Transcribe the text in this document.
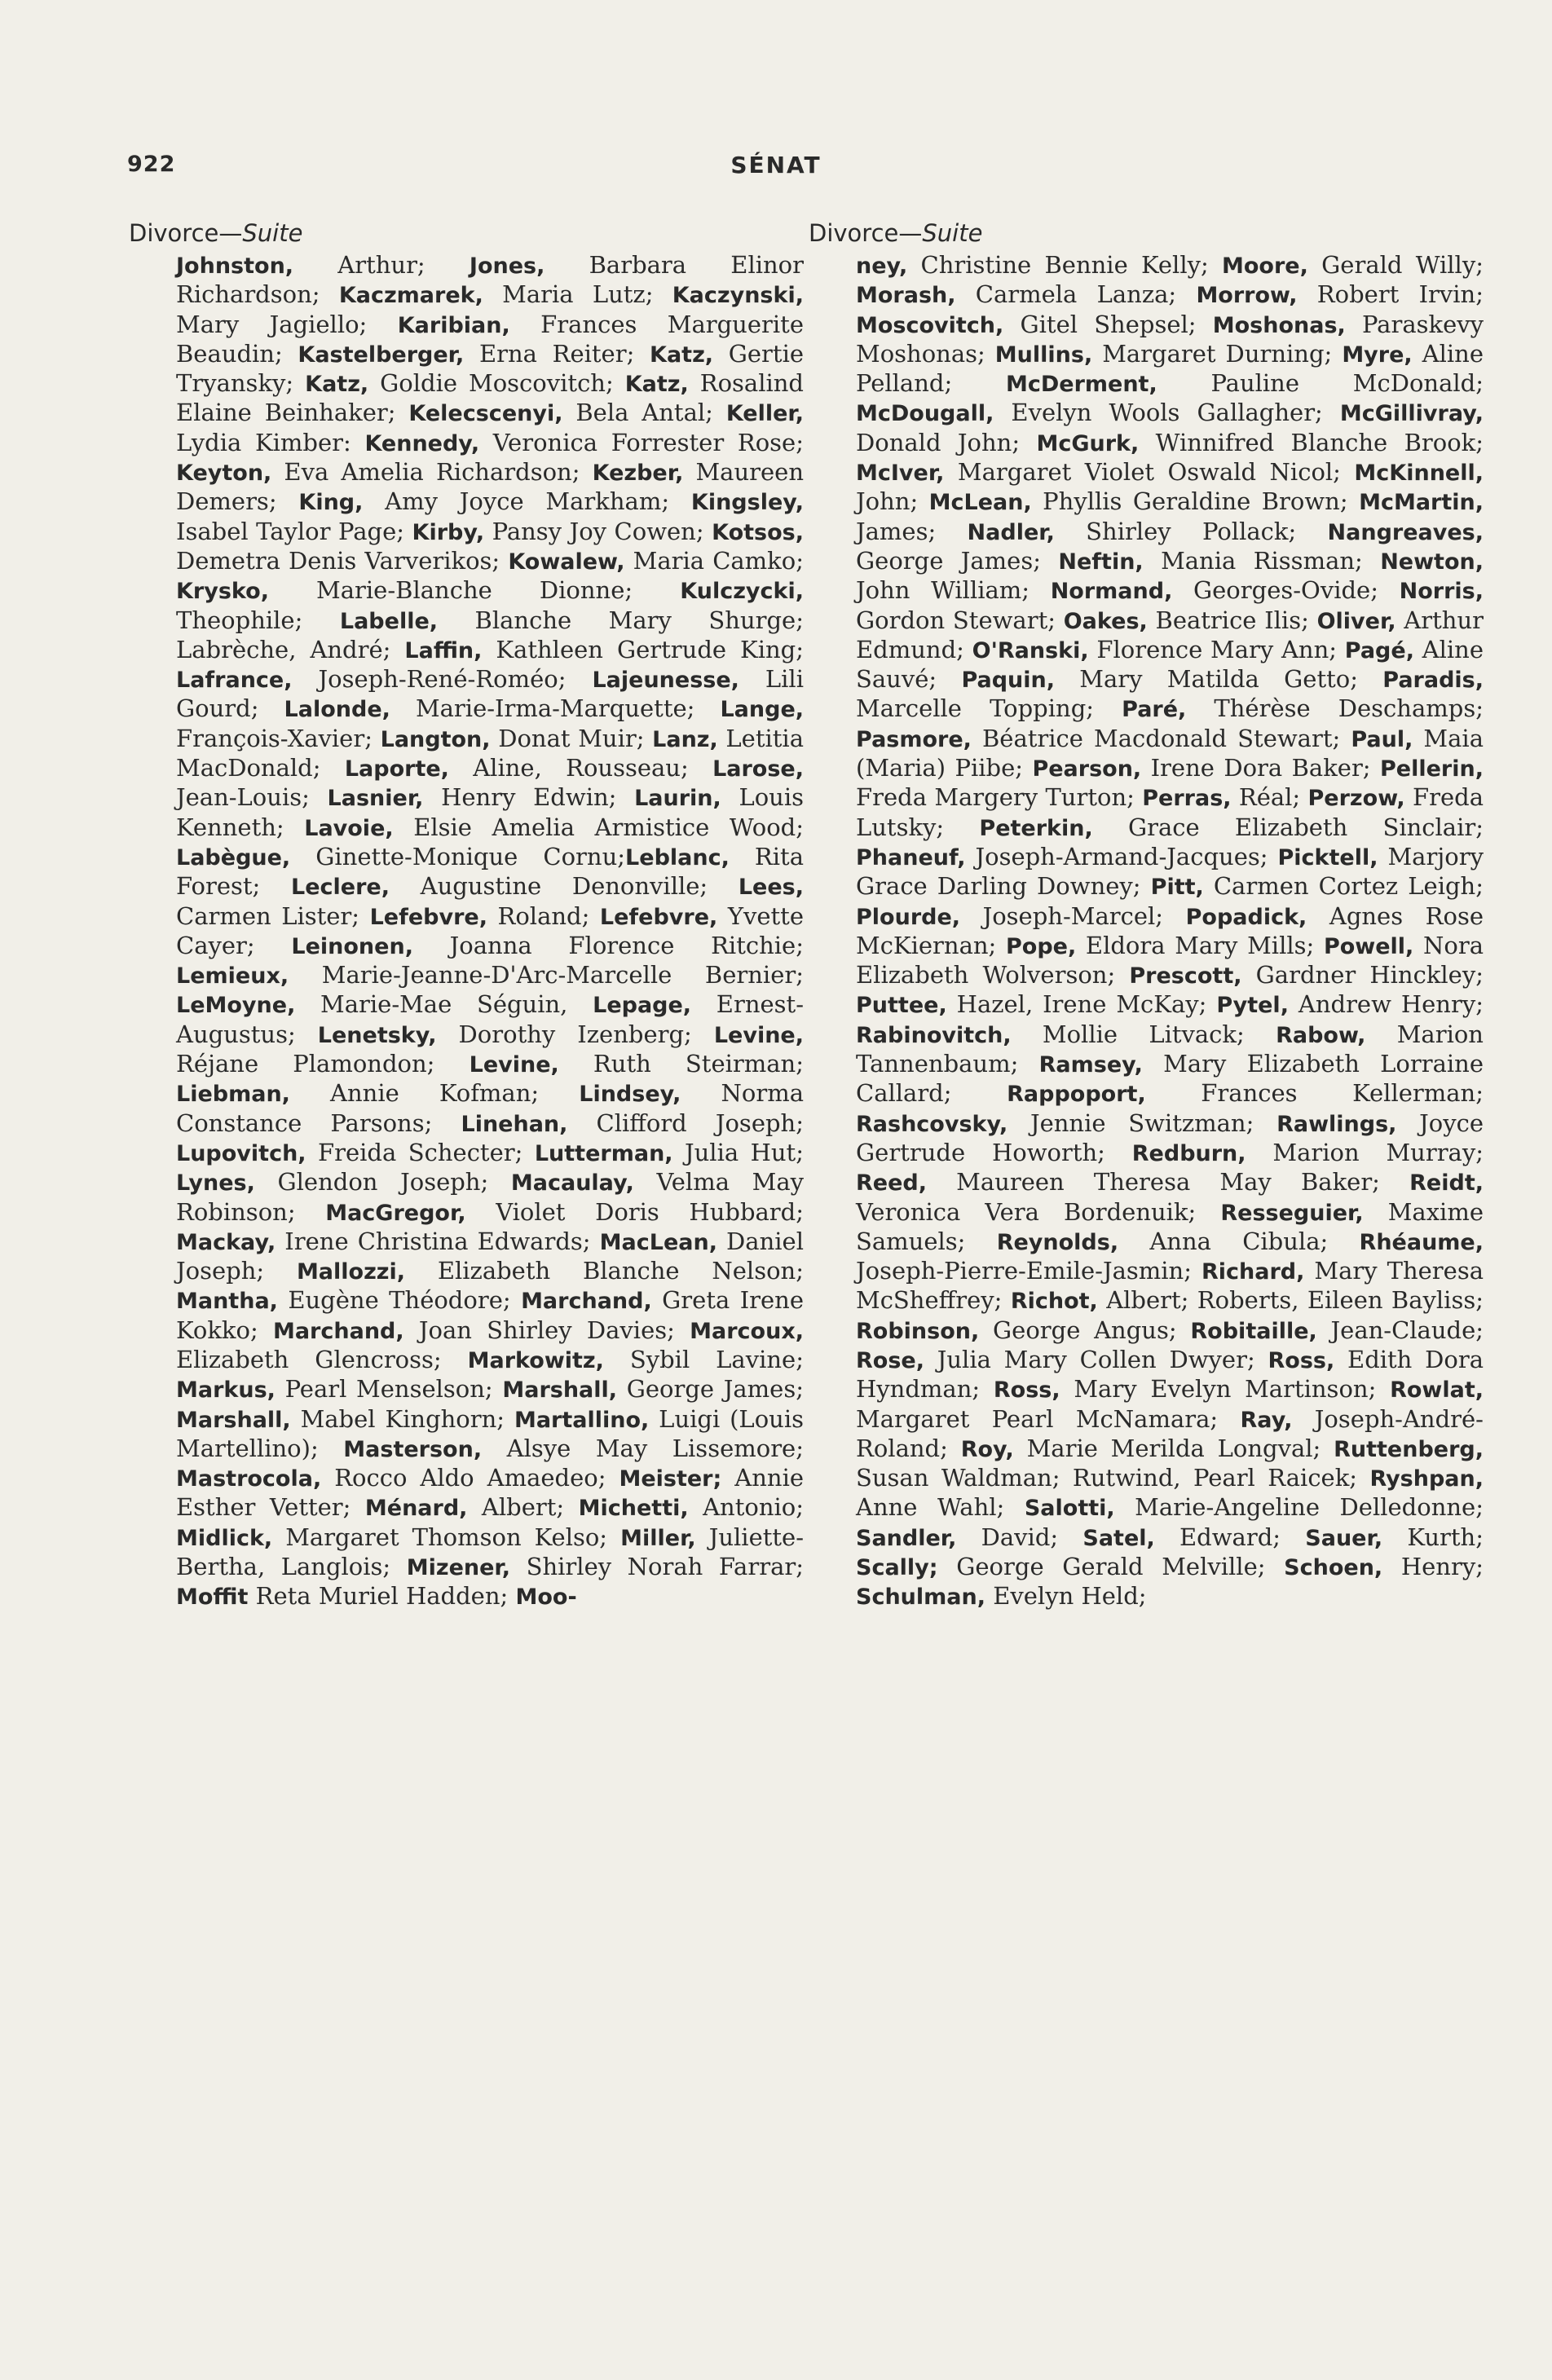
922	SÉNAT
Divorce—Suite

Johnston, Arthur; Jones, Barbara Elinor Richardson; Kaczmarek, Maria Lutz; Kaczynski, Mary Jagiello; Karibian, Frances Marguerite Beaudin; Kastelberger, Erna Reiter; Katz, Gertie Tryansky; Katz, Goldie Moscovitch; Katz, Rosalind Elaine Beinhaker; Kelecscenyi, Bela Antal; Keller, Lydia Kimber: Kennedy, Veronica Forrester Rose; Keyton, Eva Amelia Richardson; Kezber, Maureen Demers; King, Amy Joyce Markham; Kingsley, Isabel Taylor Page; Kirby, Pansy Joy Cowen; Kotsos, Demetra Denis Varverikos; Kowalew, Maria Camko; Krysko, Marie-Blanche Dionne; Kulczycki, Theophile; Labelle, Blanche Mary Shurge; Labrèche, André; Laffin, Kathleen Gertrude King; Lafrance, Joseph-René-Roméo; Lajeunesse, Lili Gourd; Lalonde, Marie-Irma-Marquette; Lange, François-Xavier; Langton, Donat Muir; Lanz, Letitia MacDonald; Laporte, Aline, Rousseau; Larose, Jean-Louis; Lasnier, Henry Edwin; Laurin, Louis Kenneth; Lavoie, Elsie Amelia Armistice Wood; Labègue, Ginette-Monique Cornu;Leblanc, Rita Forest; Leclere, Augustine Denonville; Lees, Carmen Lister; Lefebvre, Roland; Lefebvre, Yvette Cayer; Leinonen, Joanna Florence Ritchie; Lemieux, Marie-Jeanne-D'Arc-Marcelle Bernier; LeMoyne, Marie-Mae Séguin, Lepage, Ernest-Augustus; Lenetsky, Dorothy Izenberg; Levine, Réjane Plamondon; Levine, Ruth Steirman; Liebman, Annie Kofman; Lindsey, Norma Constance Parsons; Linehan, Clifford Joseph; Lupovitch, Freida Schecter; Lutterman, Julia Hut; Lynes, Glendon Joseph; Macaulay, Velma May Robinson; MacGregor, Violet Doris Hubbard; Mackay, Irene Christina Edwards; MacLean, Daniel Joseph; Mallozzi, Elizabeth Blanche Nelson; Mantha, Eugène Théodore; Marchand, Greta Irene Kokko; Marchand, Joan Shirley Davies; Marcoux, Elizabeth Glencross; Markowitz, Sybil Lavine; Markus, Pearl Menselson; Marshall, George James; Marshall, Mabel Kinghorn; Martallino, Luigi (Louis Martellino); Masterson, Alsye May Lissemore; Mastrocola, Rocco Aldo Amaedeo; Meister; Annie Esther Vetter; Ménard, Albert; Michetti, Antonio; Midlick, Margaret Thomson Kelso; Miller, Juliette-Bertha, Langlois; Mizener, Shirley Norah Farrar; Moffit Reta Muriel Hadden; Moo-

Divorce—Suite

ney, Christine Bennie Kelly; Moore, Gerald Willy; Morash, Carmela Lanza; Morrow, Robert Irvin; Moscovitch, Gitel Shepsel; Moshonas, Paraskevy Moshonas; Mullins, Margaret Durning; Myre, Aline Pelland; McDerment, Pauline McDonald; McDougall, Evelyn Wools Gallagher; McGillivray, Donald John; McGurk, Winnifred Blanche Brook; McIver, Margaret Violet Oswald Nicol; McKinnell, John; McLean, Phyllis Geraldine Brown; McMartin, James; Nadler, Shirley Pollack; Nangreaves, George James; Neftin, Mania Rissman; Newton, John William; Normand, Georges-Ovide; Norris, Gordon Stewart; Oakes, Beatrice Ilis; Oliver, Arthur Edmund; O'Ranski, Florence Mary Ann; Pagé, Aline Sauvé; Paquin, Mary Matilda Getto; Paradis, Marcelle Topping; Paré, Thérèse Deschamps; Pasmore, Béatrice Macdonald Stewart; Paul, Maia (Maria) Piibe; Pearson, Irene Dora Baker; Pellerin, Freda Margery Turton; Perras, Réal; Perzow, Freda Lutsky; Peterkin, Grace Elizabeth Sinclair; Phaneuf, Joseph-Armand-Jacques; Picktell, Marjory Grace Darling Downey; Pitt, Carmen Cortez Leigh; Plourde, Joseph-Marcel; Popadick, Agnes Rose McKiernan; Pope, Eldora Mary Mills; Powell, Nora Elizabeth Wolverson; Prescott, Gardner Hinckley; Puttee, Hazel, Irene McKay; Pytel, Andrew Henry; Rabinovitch, Mollie Litvack; Rabow, Marion Tannenbaum; Ramsey, Mary Elizabeth Lorraine Callard; Rappoport, Frances Kellerman; Rashcovsky, Jennie Switzman; Rawlings, Joyce Gertrude Howorth; Redburn, Marion Murray; Reed, Maureen Theresa May Baker; Reidt, Veronica Vera Bordenuik; Resseguier, Maxime Samuels; Reynolds, Anna Cibula; Rhéaume, Joseph-Pierre-Emile-Jasmin; Richard, Mary Theresa McSheffrey; Richot, Albert; Roberts, Eileen Bayliss; Robinson, George Angus; Robitaille, Jean-Claude; Rose, Julia Mary Collen Dwyer; Ross, Edith Dora Hyndman; Ross, Mary Evelyn Martinson; Rowlat, Margaret Pearl McNamara; Ray, Joseph-André-Roland; Roy, Marie Merilda Longval; Ruttenberg, Susan Waldman; Rutwind, Pearl Raicek; Ryshpan, Anne Wahl; Salotti, Marie-Angeline Delledonne; Sandler, David; Satel, Edward; Sauer, Kurth; Scally; George Gerald Melville; Schoen, Henry; Schulman, Evelyn Held;
